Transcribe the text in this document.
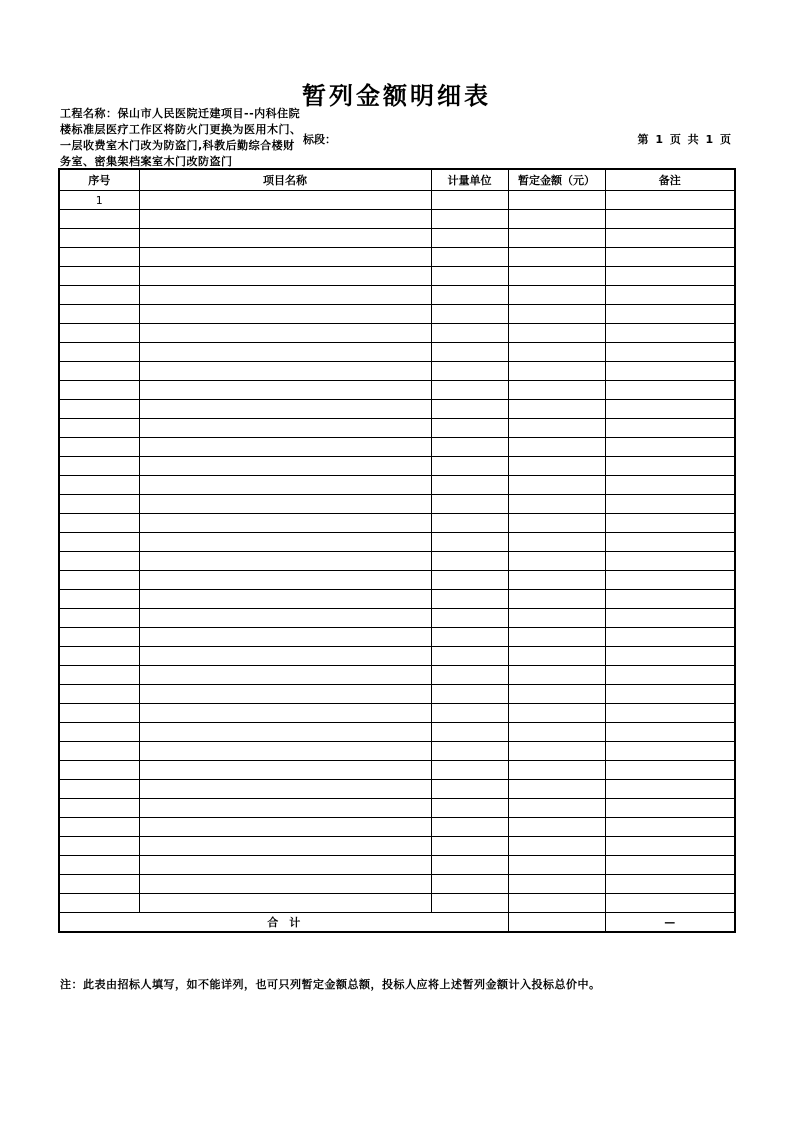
暂列金额明细表
工程名称：保山市人民医院迁建项目--内科住院楼标准层医疗工作区将防火门更换为医用木门、一层收费室木门改为防盗门,科教后勤综合楼财务室、密集架档案室木门改防盗门
标段：	第 1 页 共 1 页
序号	项目名称	计量单位	暂定金额（元）	备注
1				

合　计				—
注：此表由招标人填写，如不能详列，也可只列暂定金额总额，投标人应将上述暂列金额计入投标总价中。
